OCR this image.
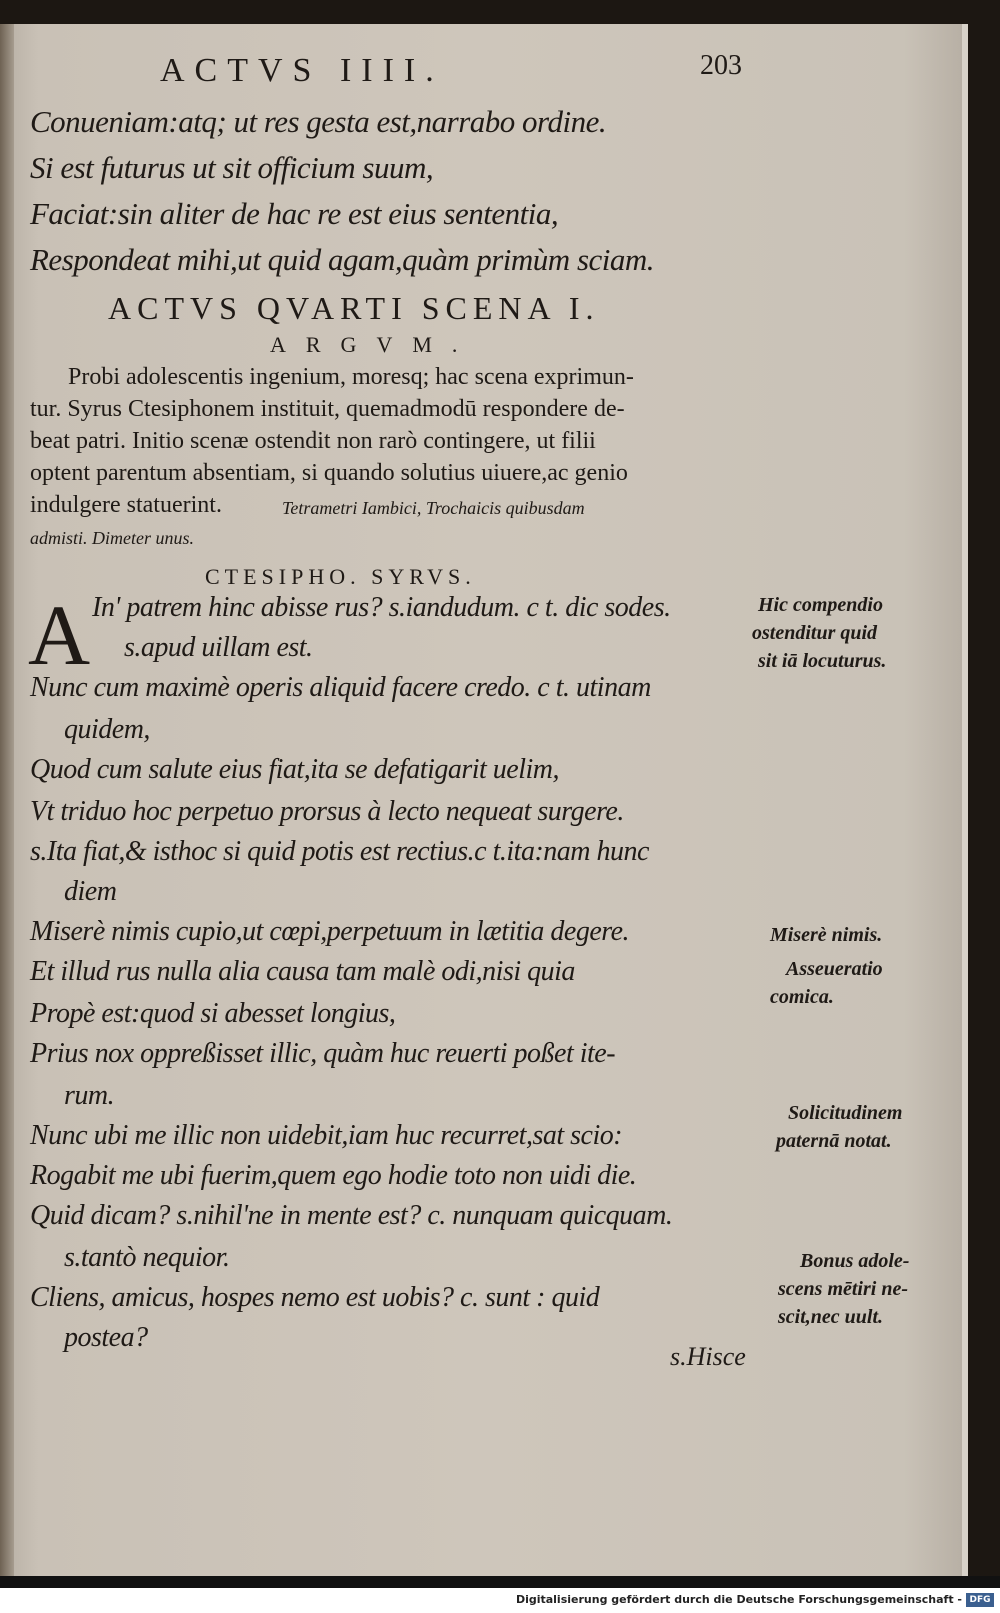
ACTVS IIII.	203
Conueniam:atq; ut res gesta est,narrabo ordine.
Si est futurus ut sit officium suum,
Faciat:sin aliter de hac re est eius sententia,
Respondeat mihi,ut quid agam,quàm primùm sciam.
ACTVS QVARTI SCENA I.
ARGVM.
Probi adolescentis ingenium, moresq; hac scena exprimun-
tur. Syrus Ctesiphonem instituit, quemadmodū respondere de-
beat patri. Initio scenæ ostendit non rarò contingere, ut filii
optent parentum absentiam, si quando solutius uiuere,ac genio
indulgere statuerint.	Tetrametri Iambici, Trochaicis quibusdam
admisti. Dimeter unus.
CTESIPHO. SYRVS.
A In' patrem hinc abisse rus? s.iandudum. c t. dic sodes.
s.apud uillam est.
Nunc cum maximè operis aliquid facere credo. c t. utinam
quidem,
Quod cum salute eius fiat,ita se defatigarit uelim,
Vt triduo hoc perpetuo prorsus à lecto nequeat surgere.
s.Ita fiat,& isthoc si quid potis est rectius.c t.ita:nam hunc
diem
Miserè nimis cupio,ut cœpi,perpetuum in lætitia degere.
Et illud rus nulla alia causa tam malè odi,nisi quia
Propè est:quod si abesset longius,
Prius nox oppreßisset illic, quàm huc reuerti poßet ite-
rum.
Nunc ubi me illic non uidebit,iam huc recurret,sat scio:
Rogabit me ubi fuerim,quem ego hodie toto non uidi die.
Quid dicam? s.nihil'ne in mente est? c. nunquam quicquam.
s.tantò nequior.
Cliens, amicus, hospes nemo est uobis? c. sunt : quid
postea?
Hic compendio
ostenditur quid
sit iā locuturus.
Miserè nimis.
Asseueratio
comica.
Solicitudinem
paternā notat.
Bonus adole-
scens mētiri ne-
scit,nec uult.
s.Hisce
Digitalisierung gefördert durch die Deutsche Forschungsgemeinschaft - DFG
